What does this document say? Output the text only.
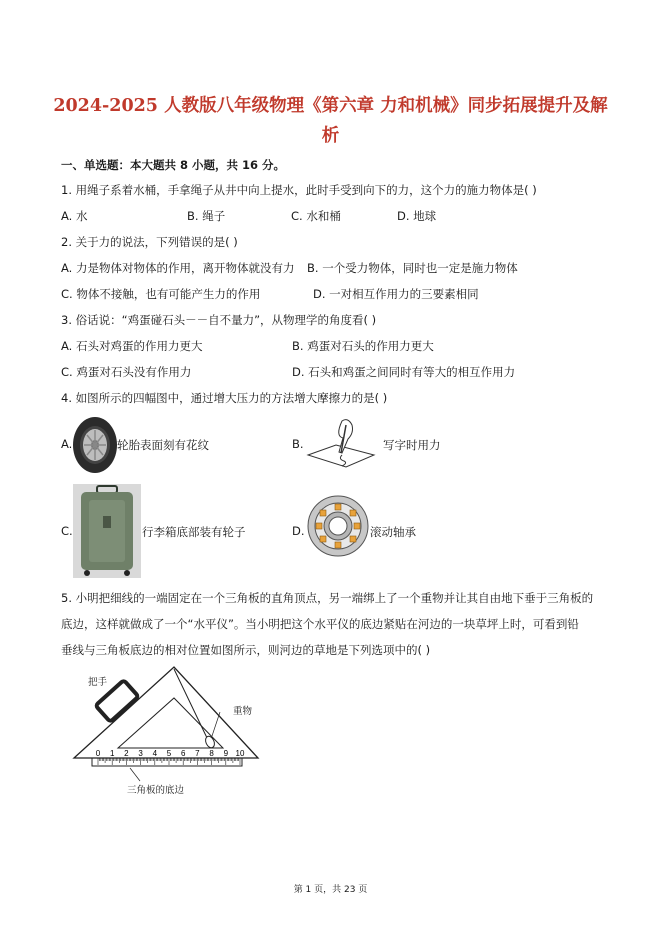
2024-2025 人教版八年级物理《第六章 力和机械》同步拓展提升及解
析
一、单选题：本大题共 8 小题，共 16 分。
1. 用绳子系着水桶，手拿绳子从井中向上提水，此时手受到向下的力，这个力的施力物体是( )
A. 水	B. 绳子	C. 水和桶	D. 地球
2. 关于力的说法，下列错误的是( )
A. 力是物体对物体的作用，离开物体就没有力 B. 一个受力物体，同时也一定是施力物体
C. 物体不接触，也有可能产生力的作用	D. 一对相互作用力的三要素相同
3. 俗话说：“鸡蛋碰石头－－自不量力”，从物理学的角度看( )
A. 石头对鸡蛋的作用力更大	B. 鸡蛋对石头的作用力更大
C. 鸡蛋对石头没有作用力	D. 石头和鸡蛋之间同时有等大的相互作用力
4. 如图所示的四幅图中，通过增大压力的方法增大摩擦力的是( )
A.	轮胎表面刻有花纹	B.	写字时用力
C.	行李箱底部装有轮子	D.	滚动轴承
5. 小明把细线的一端固定在一个三角板的直角顶点，另一端绑上了一个重物并让其自由地下垂于三角板的
底边，这样就做成了一个“水平仪”。当小明把这个水平仪的底边紧贴在河边的一块草坪上时，可看到铅
垂线与三角板底边的相对位置如图所示，则河边的草地是下列选项中的( )
0 1 2 3 4 5 6 7 8 9 10
把手
重物
三角板的底边
第 1 页，共 23 页
